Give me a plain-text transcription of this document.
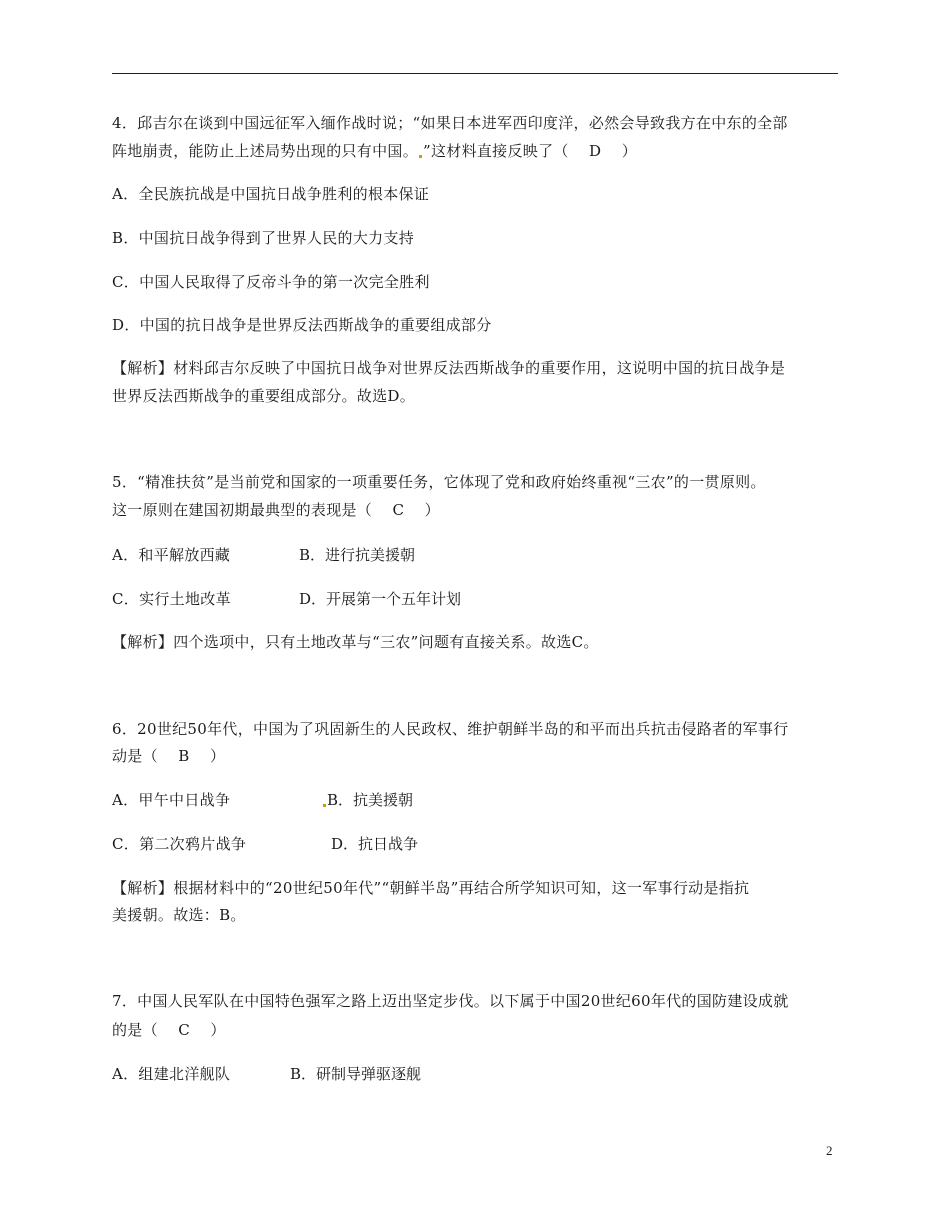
4．邱吉尔在谈到中国远征军入缅作战时说；“如果日本进军西印度洋，必然会导致我方在中东的全部
阵地崩责，能防止上述局势出现的只有中国。 ”这材料直接反映了（　 D　 ）
A．全民族抗战是中国抗日战争胜利的根本保证
B．中国抗日战争得到了世界人民的大力支持
C．中国人民取得了反帝斗争的第一次完全胜利
D．中国的抗日战争是世界反法西斯战争的重要组成部分
【解析】材料邱吉尔反映了中国抗日战争对世界反法西斯战争的重要作用，这说明中国的抗日战争是
世界反法西斯战争的重要组成部分。故选D。
5．“精准扶贫”是当前党和国家的一项重要任务，它体现了党和政府始终重视“三农”的一贯原则。
这一原则在建国初期最典型的表现是（　 C　 ）
A．和平解放西藏	B．进行抗美援朝
C．实行土地改革	D．开展第一个五年计划
【解析】四个选项中，只有土地改革与“三农”问题有直接关系。故选C。
6．20世纪50年代，中国为了巩固新生的人民政权、维护朝鲜半岛的和平而出兵抗击侵路者的军事行
动是（　 B　 ）
A．甲午中日战争	B．抗美援朝
C．第二次鸦片战争	D．抗日战争
【解析】根据材料中的“20世纪50年代”“朝鲜半岛”再结合所学知识可知，这一军事行动是指抗
美援朝。故选：B。
7．中国人民军队在中国特色强军之路上迈出坚定步伐。以下属于中国20世纪60年代的国防建设成就
的是（　 C　 ）
A．组建北洋舰队	B．研制导弹驱逐舰
2
